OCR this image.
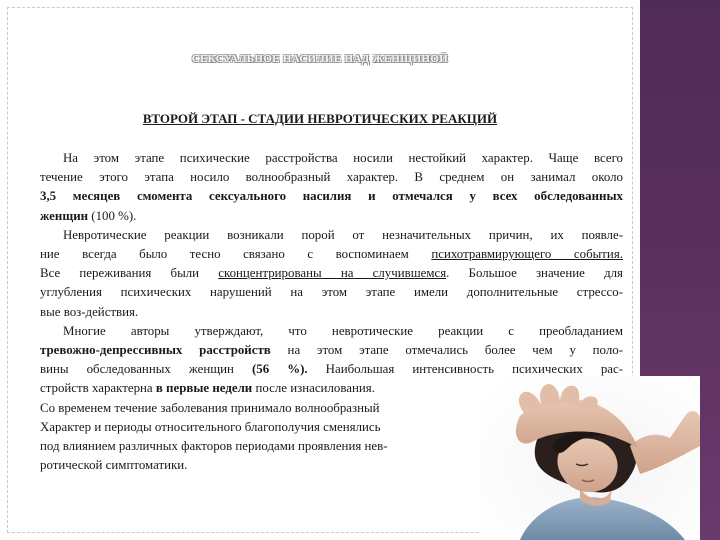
СЕКСУАЛЬНОЕ НАСИЛИЕ НАД ЖЕНЩИНОЙ
ВТОРОЙ ЭТАП - СТАДИИ НЕВРОТИЧЕСКИХ РЕАКЦИЙ

На этом этапе психические расстройства носили нестойкий характер. Чаще всего

течение этого этапа носило волнообразный характер. В среднем он занимал около

3,5 месяцев смомента сексуального насилия и отмечался у всех обследованных

женщин (100 %).

Невротические реакции возникали порой от незначительных причин, их появле-

ние всегда было тесно связано с воспоминаем психотравмирующего события.

Все переживания были сконцентрированы на случившемся. Большое значение для

углубления психических нарушений на этом этапе имели дополнительные стрессо-

вые воз-действия.

Многие авторы утверждают, что невротические реакции с преобладанием

тревожно-депрессивных расстройств на этом этапе отмечались более чем у поло-

вины обследованных женщин (56 %). Наибольшая интенсивность психических рас-

стройств характерна в первые недели после изнасилования.

Со временем течение заболевания принимало волнообразный

Характер и периоды относительного благополучия сменялись

под влиянием различных факторов периодами проявления нев-

ротической симптоматики.
